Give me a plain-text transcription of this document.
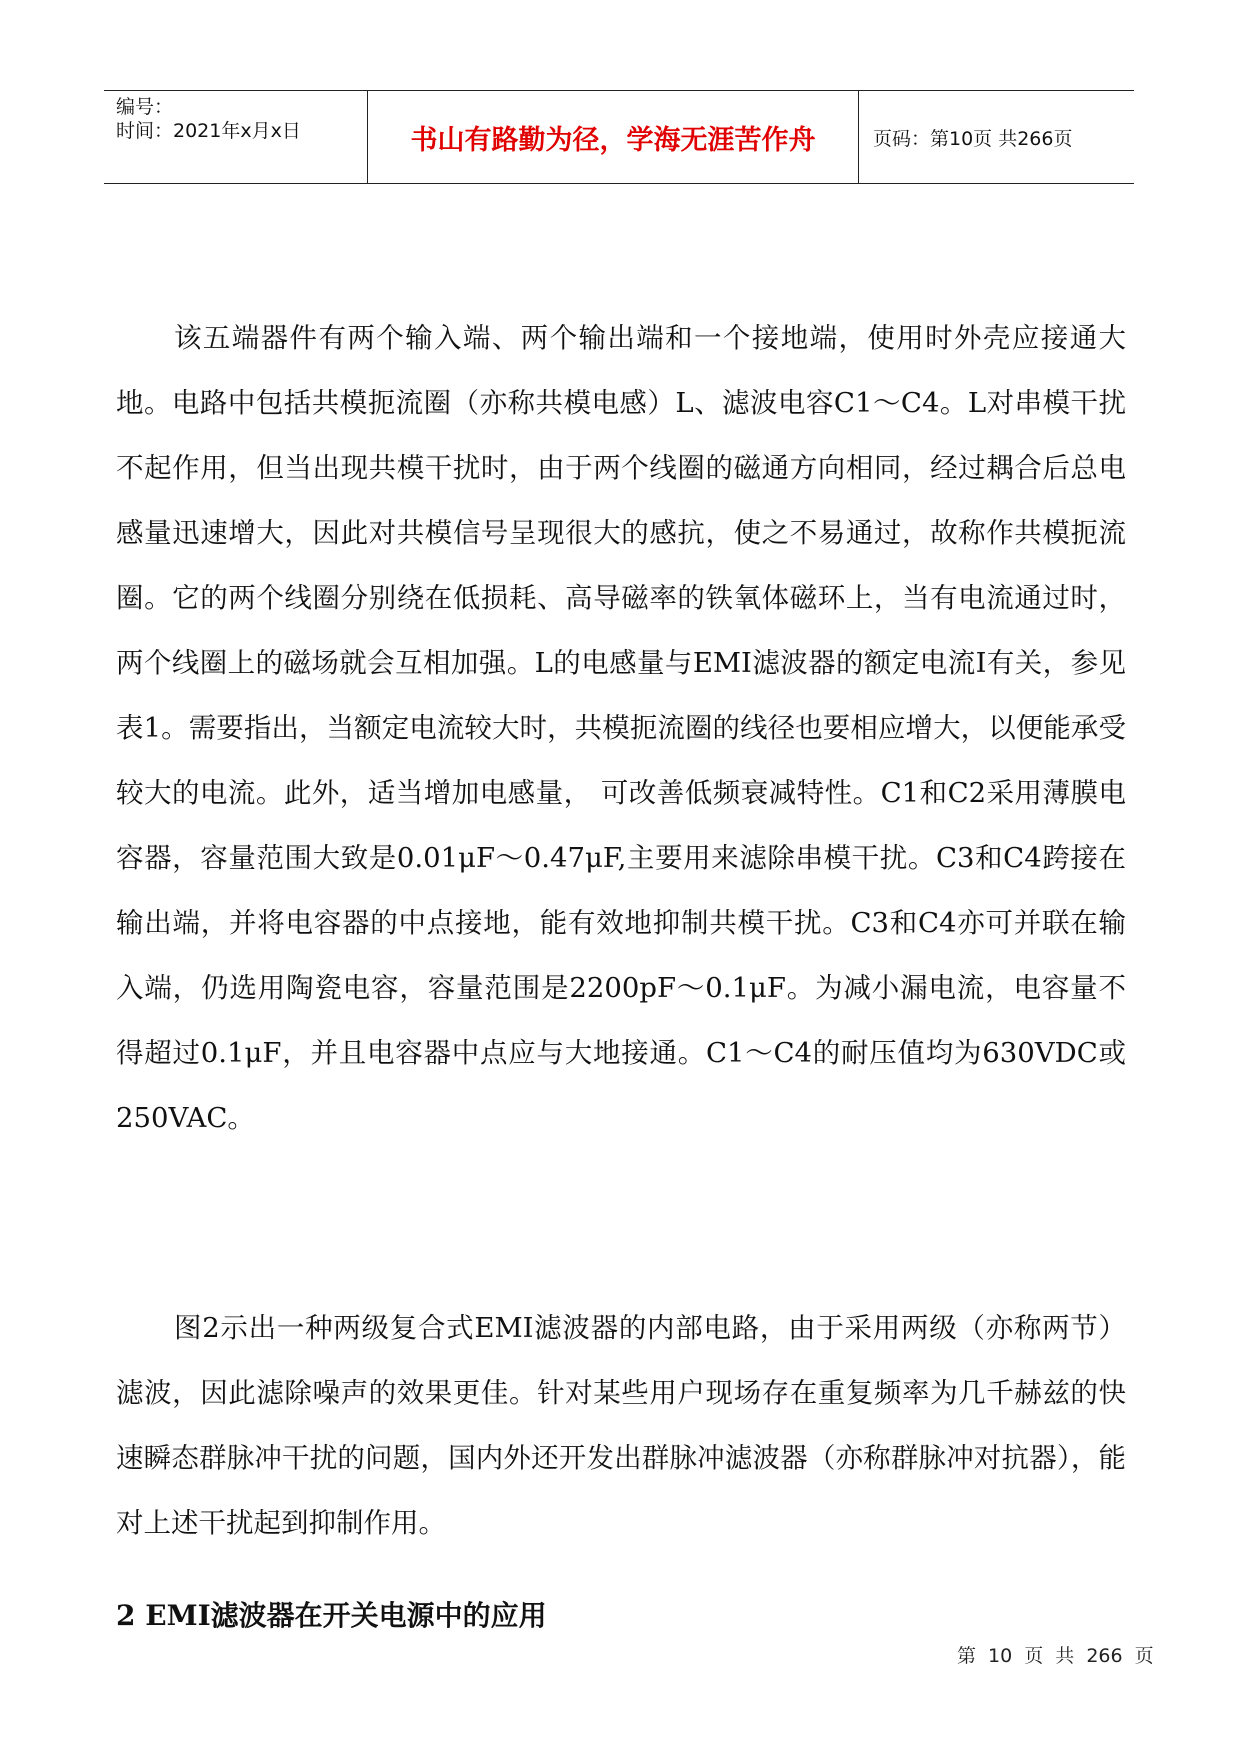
编号：
时间：2021年x月x日	书山有路勤为径，学海无涯苦作舟	页码：第10页 共266页

该五端器件有两个输入端、两个输出端和一个接地端，使用时外壳应接通大地。电路中包括共模扼流圈（亦称共模电感）L、滤波电容C1～C4。L对串模干扰不起作用，但当出现共模干扰时，由于两个线圈的磁通方向相同，经过耦合后总电感量迅速增大，因此对共模信号呈现很大的感抗，使之不易通过，故称作共模扼流圈。它的两个线圈分别绕在低损耗、高导磁率的铁氧体磁环上，当有电流通过时，两个线圈上的磁场就会互相加强。L的电感量与EMI滤波器的额定电流I有关，参见表1。需要指出，当额定电流较大时，共模扼流圈的线径也要相应增大，以便能承受较大的电流。此外，适当增加电感量， 可改善低频衰减特性。C1和C2采用薄膜电容器，容量范围大致是0.01μF～0.47μF,主要用来滤除串模干扰。C3和C4跨接在输出端，并将电容器的中点接地，能有效地抑制共模干扰。C3和C4亦可并联在输入端，仍选用陶瓷电容，容量范围是2200pF～0.1μF。为减小漏电流，电容量不得超过0.1μF，并且电容器中点应与大地接通。C1～C4的耐压值均为630VDC或250VAC。

图2示出一种两级复合式EMI滤波器的内部电路，由于采用两级（亦称两节）滤波，因此滤除噪声的效果更佳。针对某些用户现场存在重复频率为几千赫兹的快速瞬态群脉冲干扰的问题，国内外还开发出群脉冲滤波器（亦称群脉冲对抗器），能对上述干扰起到抑制作用。

2 EMI滤波器在开关电源中的应用
第 10 页 共 266 页
